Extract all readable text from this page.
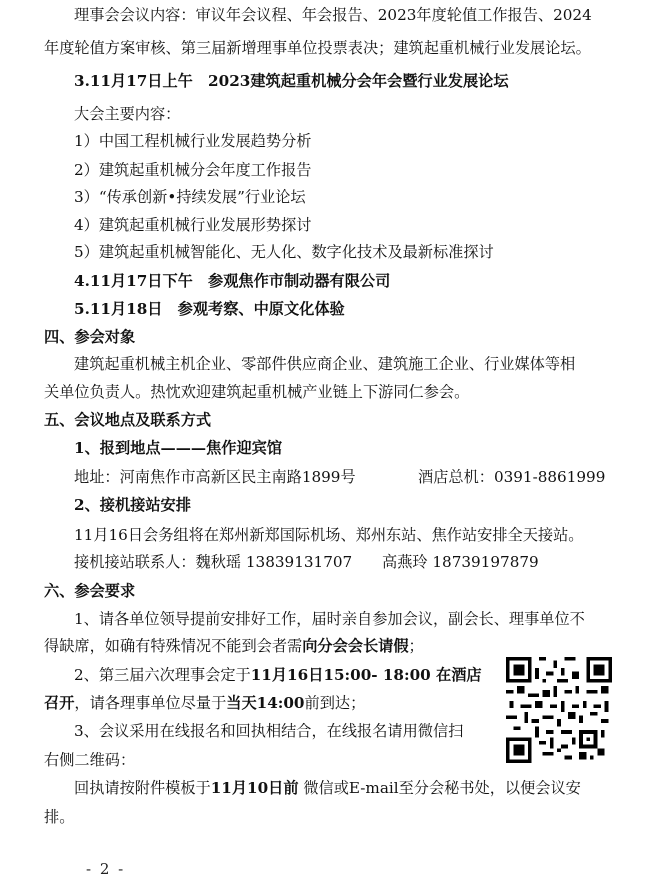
理事会会议内容：审议年会议程、年会报告、2023年度轮值工作报告、2024
年度轮值方案审核、第三届新增理事单位投票表决；建筑起重机械行业发展论坛。
3.11月17日上午　2023建筑起重机械分会年会暨行业发展论坛
大会主要内容：
1）中国工程机械行业发展趋势分析
2）建筑起重机械分会年度工作报告
3）“传承创新•持续发展”行业论坛
4）建筑起重机械行业发展形势探讨
5）建筑起重机械智能化、无人化、数字化技术及最新标准探讨
4.11月17日下午　参观焦作市制动器有限公司
5.11月18日　参观考察、中原文化体验
四、参会对象
建筑起重机械主机企业、零部件供应商企业、建筑施工企业、行业媒体等相
关单位负责人。热忱欢迎建筑起重机械产业链上下游同仁参会。
五、会议地点及联系方式
1、报到地点———焦作迎宾馆
地址：河南焦作市高新区民主南路1899号	酒店总机：0391-8861999
2、接机接站安排
11月16日会务组将在郑州新郑国际机场、郑州东站、焦作站安排全天接站。
接机接站联系人：魏秋瑶 13839131707 高燕玲 18739197879
六、参会要求
1、请各单位领导提前安排好工作，届时亲自参加会议，副会长、理事单位不
得缺席，如确有特殊情况不能到会者需向分会会长请假；
2、第三届六次理事会定于11月16日15:00- 18:00 在酒店
召开，请各理事单位尽量于当天14:00前到达；
3、会议采用在线报名和回执相结合，在线报名请用微信扫
右侧二维码：
回执请按附件模板于11月10日前 微信或E-mail至分会秘书处，以便会议安
排。
- 2 -
